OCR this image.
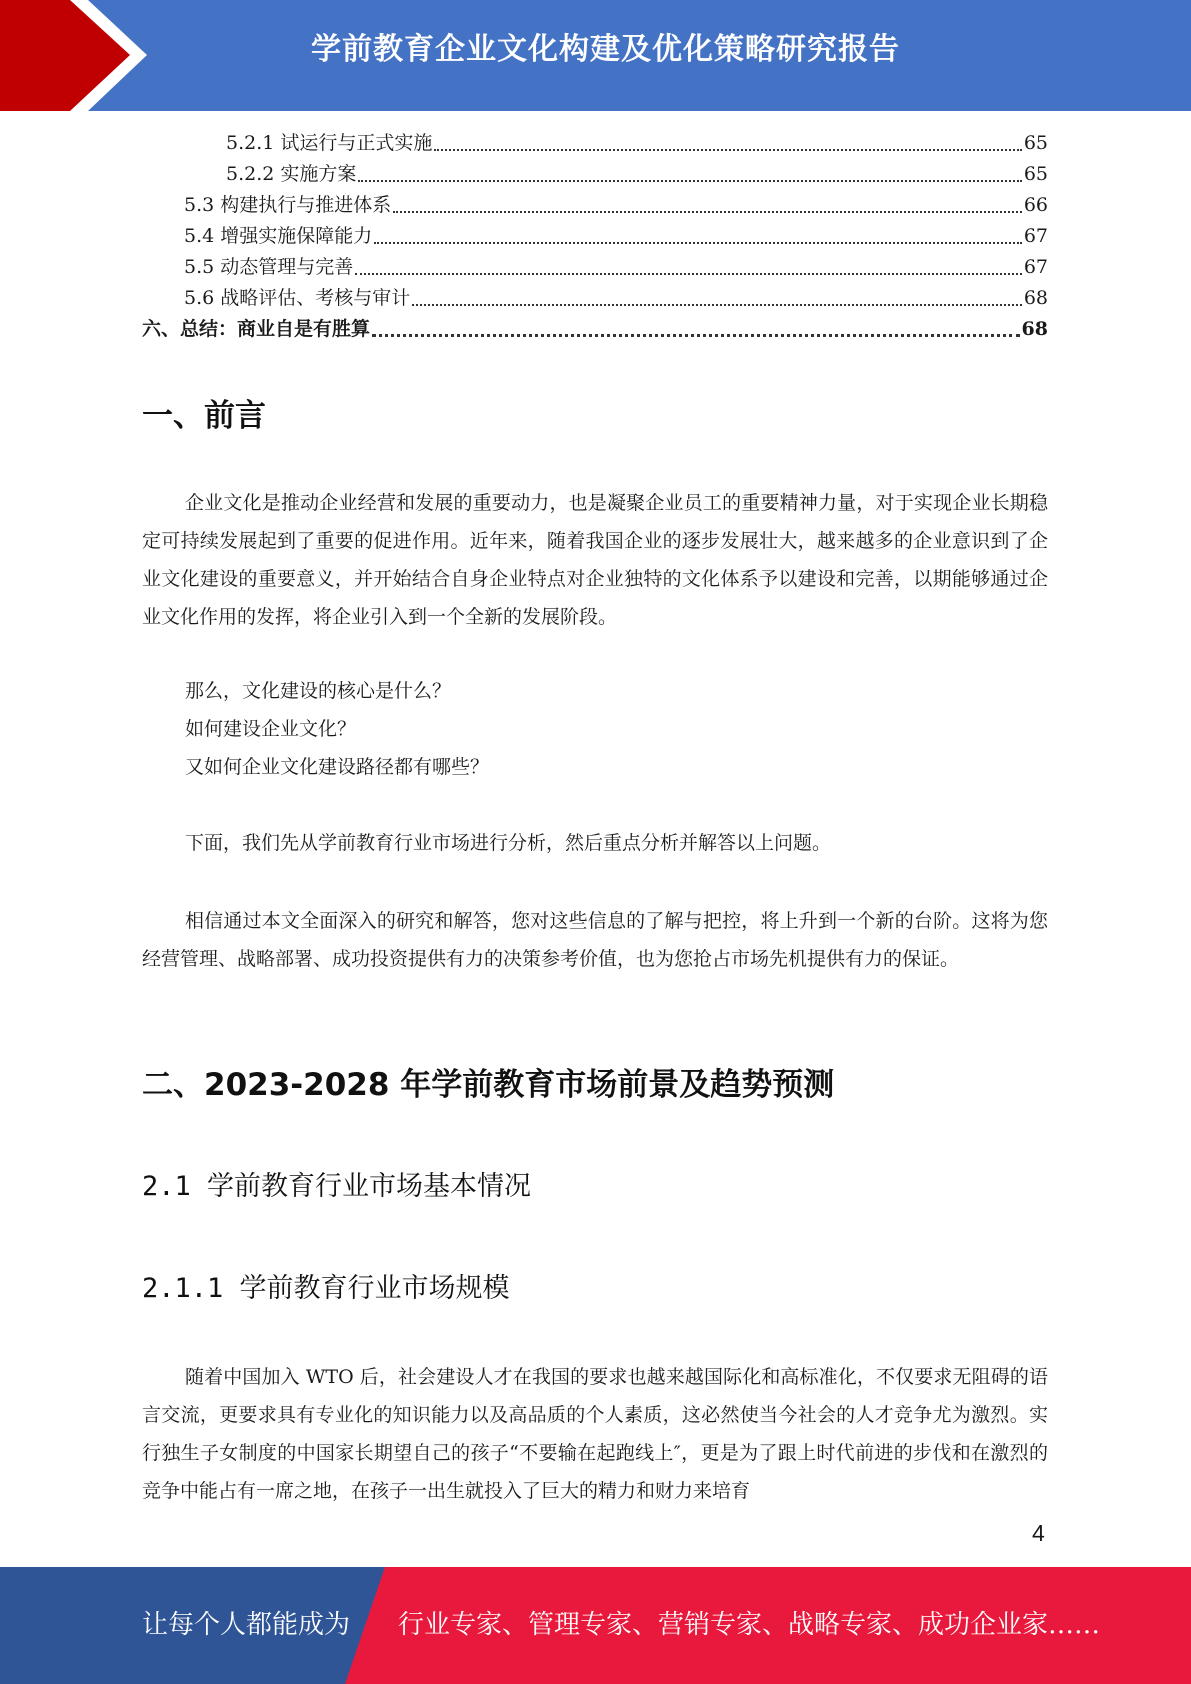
学前教育企业文化构建及优化策略研究报告
5.2.1 试运行与正式实施	65
5.2.2 实施方案	65
5.3 构建执行与推进体系	66
5.4 增强实施保障能力	67
5.5 动态管理与完善	67
5.6 战略评估、考核与审计	68
六、总结：商业自是有胜算	68
一、前言
企业文化是推动企业经营和发展的重要动力，也是凝聚企业员工的重要精神力量，对于实现企业长期稳定可持续发展起到了重要的促进作用。近年来，随着我国企业的逐步发展壮大，越来越多的企业意识到了企业文化建设的重要意义，并开始结合自身企业特点对企业独特的文化体系予以建设和完善，以期能够通过企业文化作用的发挥，将企业引入到一个全新的发展阶段。
那么，文化建设的核心是什么？
如何建设企业文化？
又如何企业文化建设路径都有哪些？
下面，我们先从学前教育行业市场进行分析，然后重点分析并解答以上问题。
相信通过本文全面深入的研究和解答，您对这些信息的了解与把控，将上升到一个新的台阶。这将为您经营管理、战略部署、成功投资提供有力的决策参考价值，也为您抢占市场先机提供有力的保证。
二、2023-2028 年学前教育市场前景及趋势预测
2.1 学前教育行业市场基本情况
2.1.1 学前教育行业市场规模
随着中国加入 WTO 后，社会建设人才在我国的要求也越来越国际化和高标准化，不仅要求无阻碍的语言交流，更要求具有专业化的知识能力以及高品质的个人素质，这必然使当今社会的人才竞争尤为激烈。实行独生子女制度的中国家长期望自己的孩子“不要输在起跑线上″，更是为了跟上时代前进的步伐和在激烈的竞争中能占有一席之地，在孩子一出生就投入了巨大的精力和财力来培育
4
让每个人都能成为 行业专家、管理专家、营销专家、战略专家、成功企业家……
